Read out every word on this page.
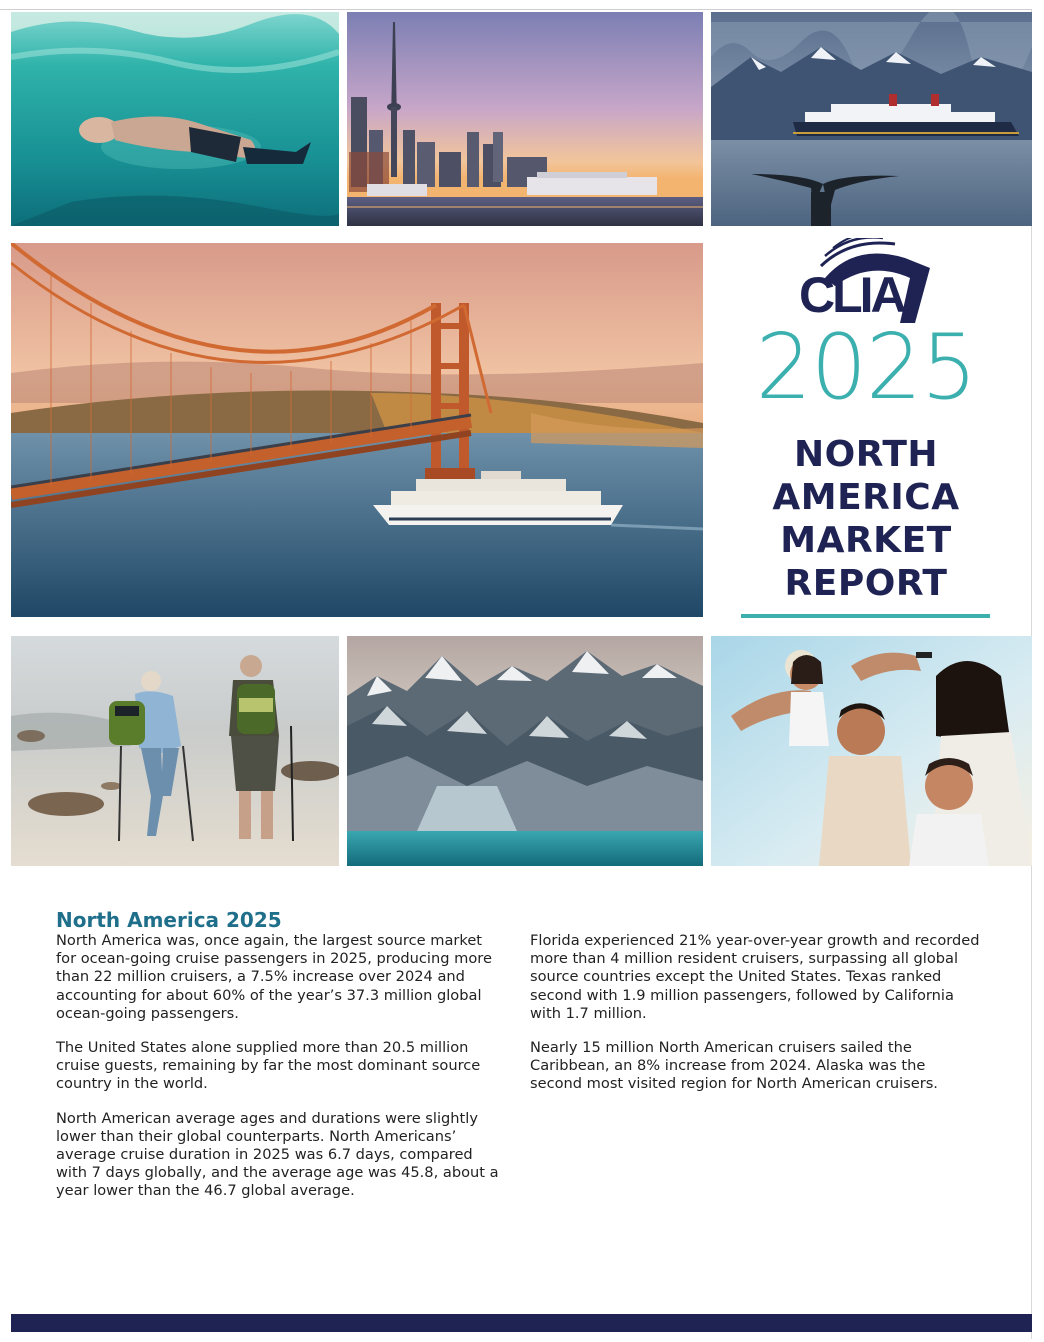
CLIA
2025
NORTH
AMERICA
MARKET
REPORT
North America 2025

North America was, once again, the largest source market for ocean-going cruise passengers in 2025, producing more than 22 million cruisers, a 7.5% increase over 2024 and accounting for about 60% of the year’s 37.3 million global ocean-going passengers.

The United States alone supplied more than 20.5 million cruise guests, remaining by far the most dominant source country in the world.

North American average ages and durations were slightly lower than their global counterparts. North Americans’ average cruise duration in 2025 was 6.7 days, compared with 7 days globally, and the average age was 45.8, about a year lower than the 46.7 global average.

Florida experienced 21% year-over-year growth and recorded more than 4 million resident cruisers, surpassing all global source countries except the United States. Texas ranked second with 1.9 million passengers, followed by California with 1.7 million.

Nearly 15 million North American cruisers sailed the Caribbean, an 8% increase from 2024. Alaska was the second most visited region for North American cruisers.
